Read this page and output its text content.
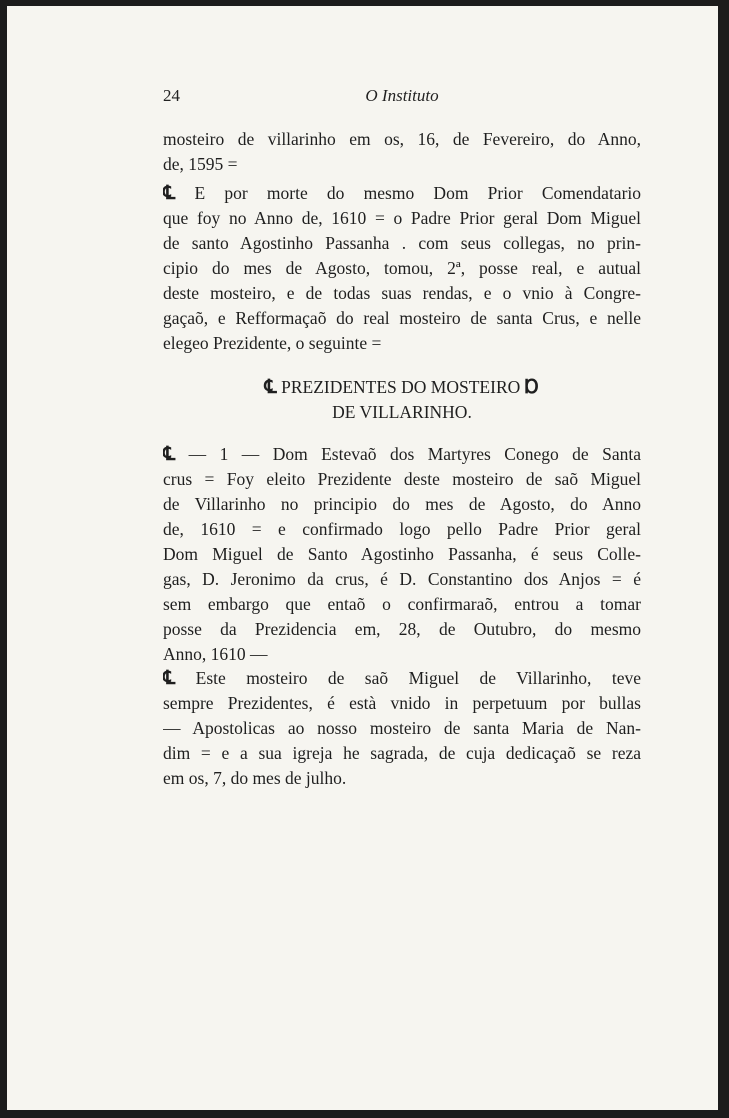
24	O Instituto
mosteiro de villarinho em os, 16, de Fevereiro, do Anno,
de, 1595 =
℄ E por morte do mesmo Dom Prior Comendatario
que foy no Anno de, 1610 = o Padre Prior geral Dom Miguel
de santo Agostinho Passanha . com seus collegas, no prin-
cipio do mes de Agosto, tomou, 2ª, posse real, e autual
deste mosteiro, e de todas suas rendas, e o vnio à Congre-
gaçaõ, e Refformaçaõ do real mosteiro de santa Crus, e nelle
elegeo Prezidente, o seguinte =
℄ PREZIDENTES DO MOSTEIRO Ɒ
DE VILLARINHO.
℄ — 1 — Dom Estevaõ dos Martyres Conego de Santa
crus = Foy eleito Prezidente deste mosteiro de saõ Miguel
de Villarinho no principio do mes de Agosto, do Anno
de, 1610 = e confirmado logo pello Padre Prior geral
Dom Miguel de Santo Agostinho Passanha, é seus Colle-
gas, D. Jeronimo da crus, é D. Constantino dos Anjos = é
sem embargo que entaõ o confirmaraõ, entrou a tomar
posse da Prezidencia em, 28, de Outubro, do mesmo
Anno, 1610 —
℄ Este mosteiro de saõ Miguel de Villarinho, teve
sempre Prezidentes, é està vnido in perpetuum por bullas
— Apostolicas ao nosso mosteiro de santa Maria de Nan-
dim = e a sua igreja he sagrada, de cuja dedicaçaõ se reza
em os, 7, do mes de julho.
